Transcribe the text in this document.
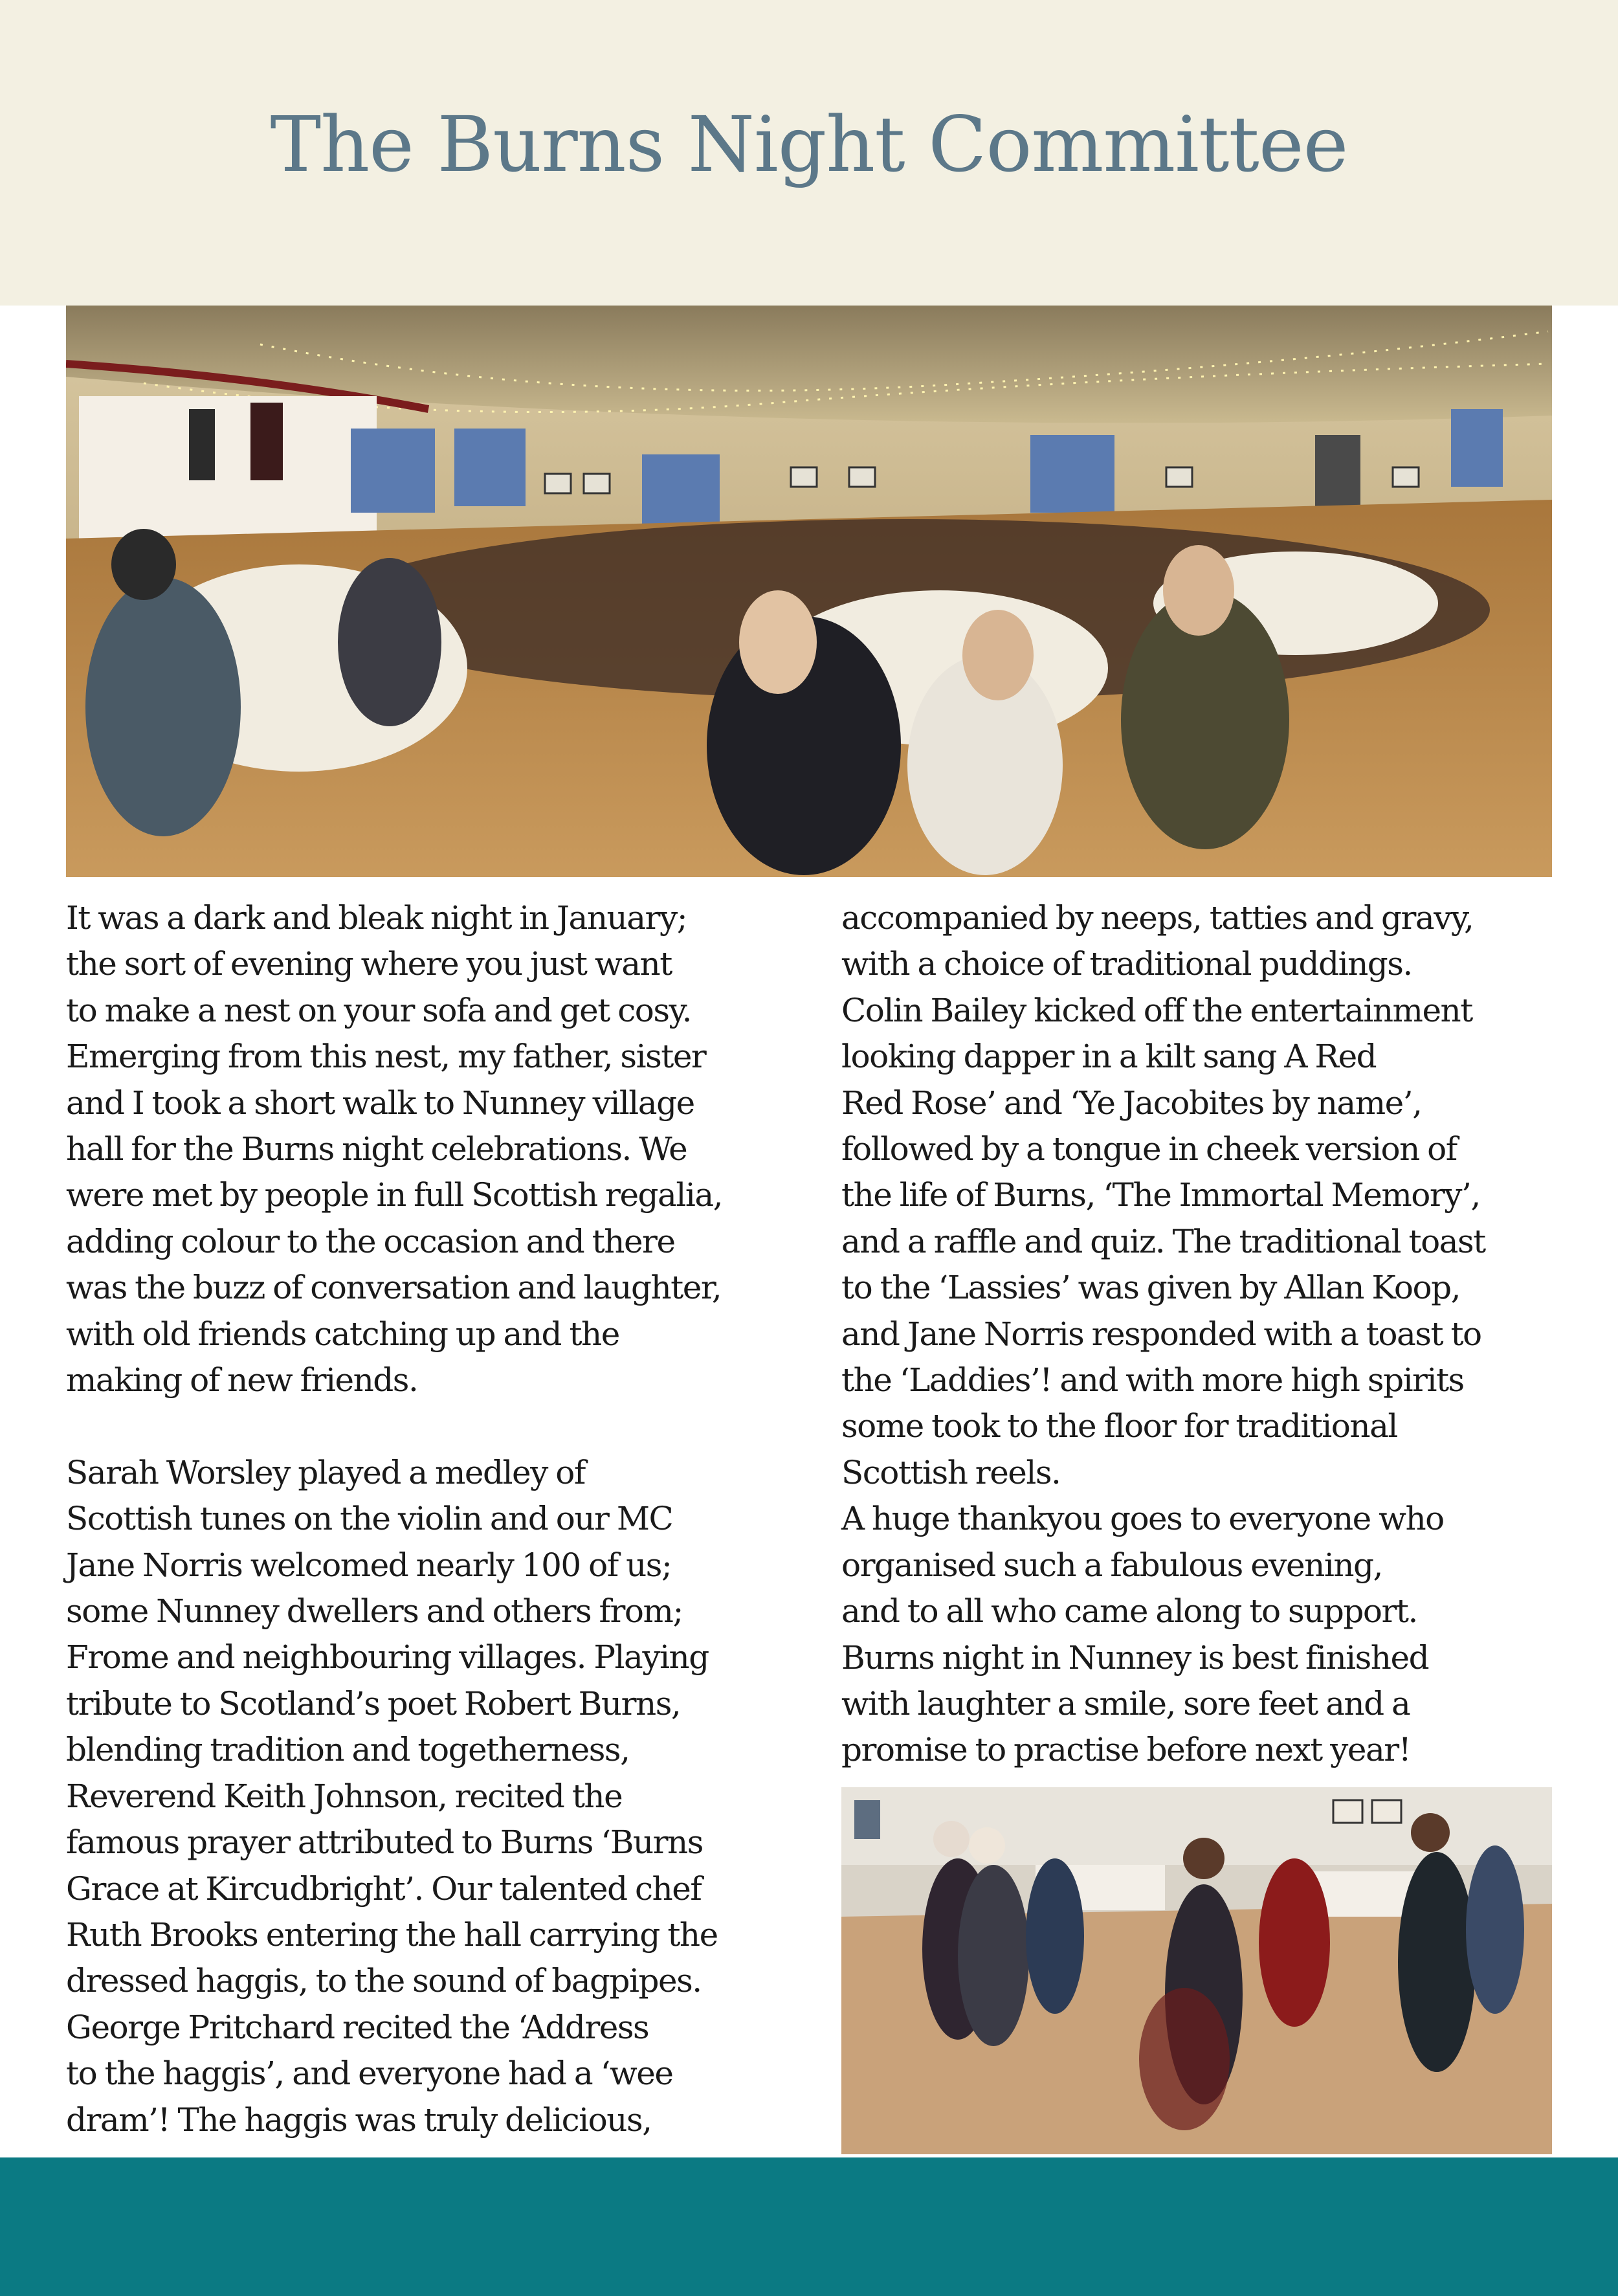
The Burns Night Committee

It was a dark and bleak night in January;
the sort of evening where you just want
to make a nest on your sofa and get cosy.
Emerging from this nest, my father, sister
and I took a short walk to Nunney village
hall for the Burns night celebrations. We
were met by people in full Scottish regalia,
adding colour to the occasion and there
was the buzz of conversation and laughter,
with old friends catching up and the
making of new friends.

Sarah Worsley played a medley of
Scottish tunes on the violin and our MC
Jane Norris welcomed nearly 100 of us;
some Nunney dwellers and others from;
Frome and neighbouring villages. Playing
tribute to Scotland’s poet Robert Burns,
blending tradition and togetherness,
Reverend Keith Johnson, recited the
famous prayer attributed to Burns ‘Burns
Grace at Kircudbright’. Our talented chef
Ruth Brooks entering the hall carrying the
dressed haggis, to the sound of bagpipes.
George Pritchard recited the ‘Address
to the haggis’, and everyone had a ‘wee
dram’! The haggis was truly delicious,

accompanied by neeps, tatties and gravy,
with a choice of traditional puddings.
Colin Bailey kicked off the entertainment
looking dapper in a kilt sang A Red
Red Rose’ and ‘Ye Jacobites by name’,
followed by a tongue in cheek version of
the life of Burns, ‘The Immortal Memory’,
and a raffle and quiz. The traditional toast
to the ‘Lassies’ was given by Allan Koop,
and Jane Norris responded with a toast to
the ‘Laddies’! and with more high spirits
some took to the floor for traditional
Scottish reels.

A huge thankyou goes to everyone who
organised such a fabulous evening,
and to all who came along to support.
Burns night in Nunney is best finished
with laughter a smile, sore feet and a
promise to practise before next year!
